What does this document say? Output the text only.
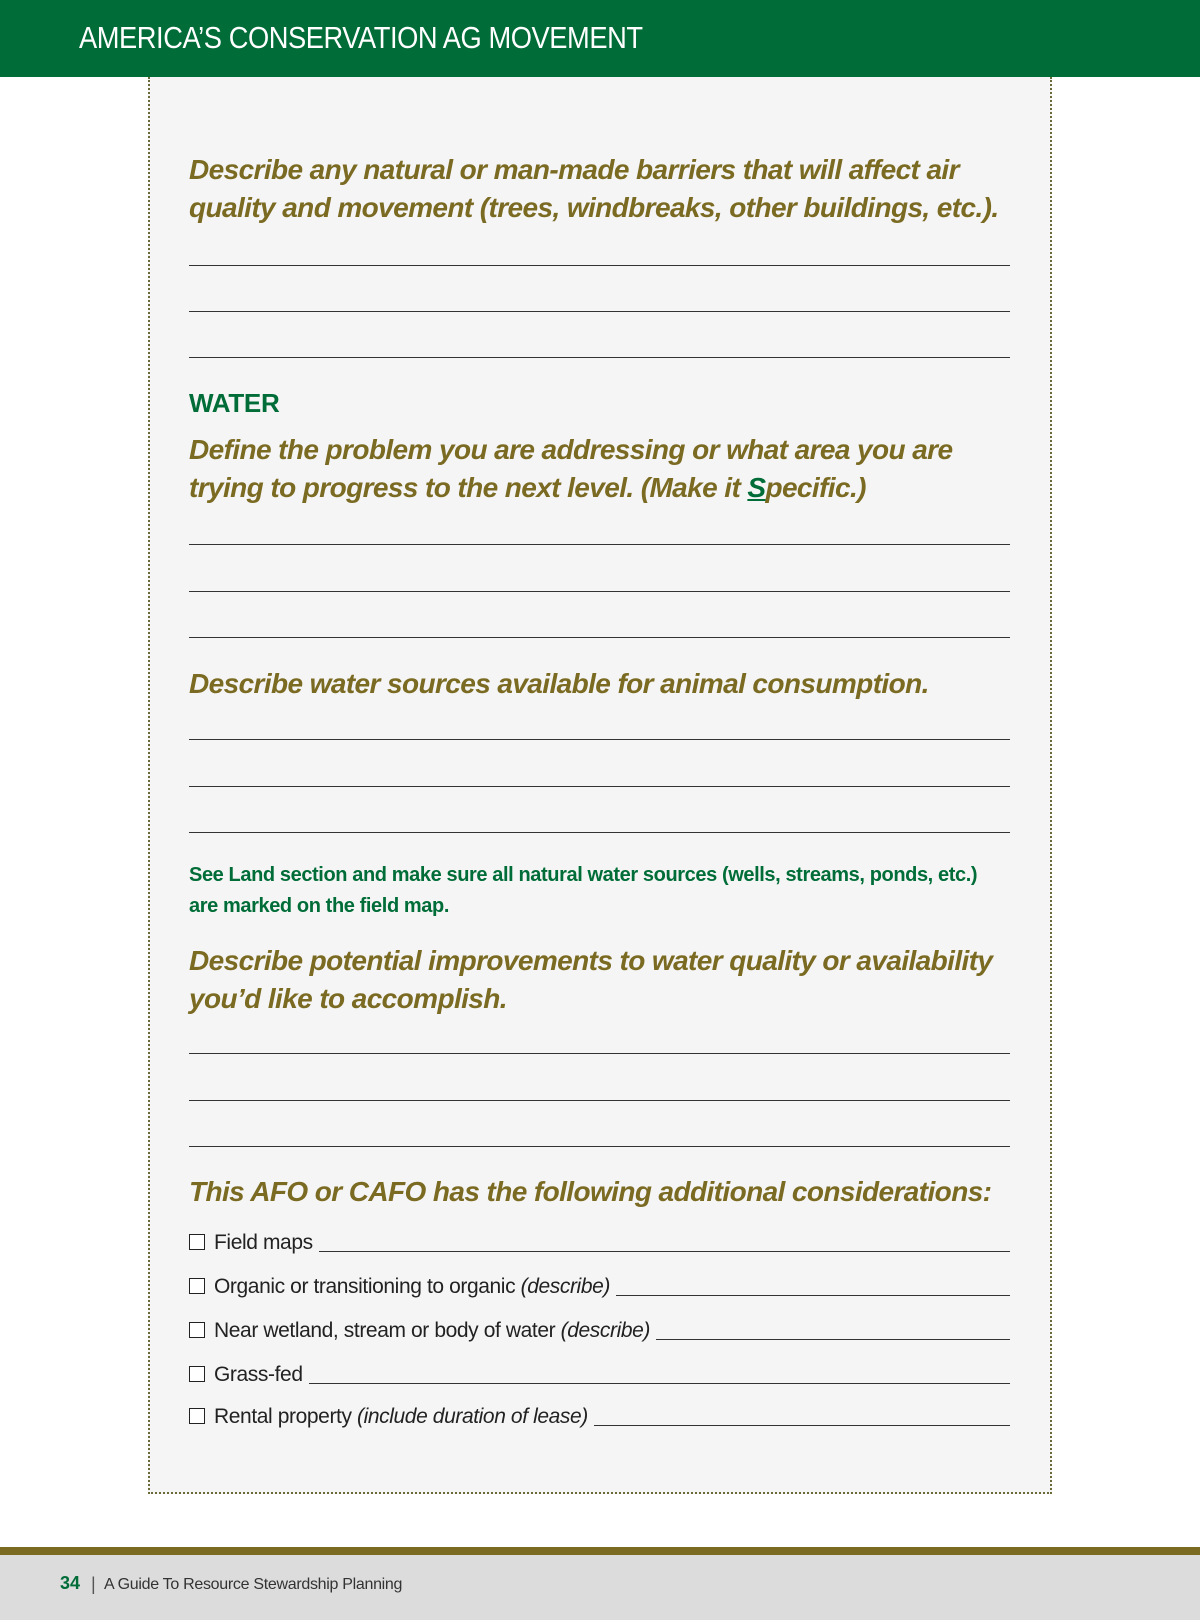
AMERICA’S CONSERVATION AG MOVEMENT
Describe any natural or man-made barriers that will affect air quality and movement (trees, windbreaks, other buildings, etc.).
WATER
Define the problem you are addressing or what area you are trying to progress to the next level. (Make it Specific.)
Describe water sources available for animal consumption.
See Land section and make sure all natural water sources (wells, streams, ponds, etc.) are marked on the field map.
Describe potential improvements to water quality or availability you’d like to accomplish.
This AFO or CAFO has the following additional considerations:
Field maps
Organic or transitioning to organic (describe)
Near wetland, stream or body of water (describe)
Grass-fed
Rental property (include duration of lease)
34 | A Guide To Resource Stewardship Planning
